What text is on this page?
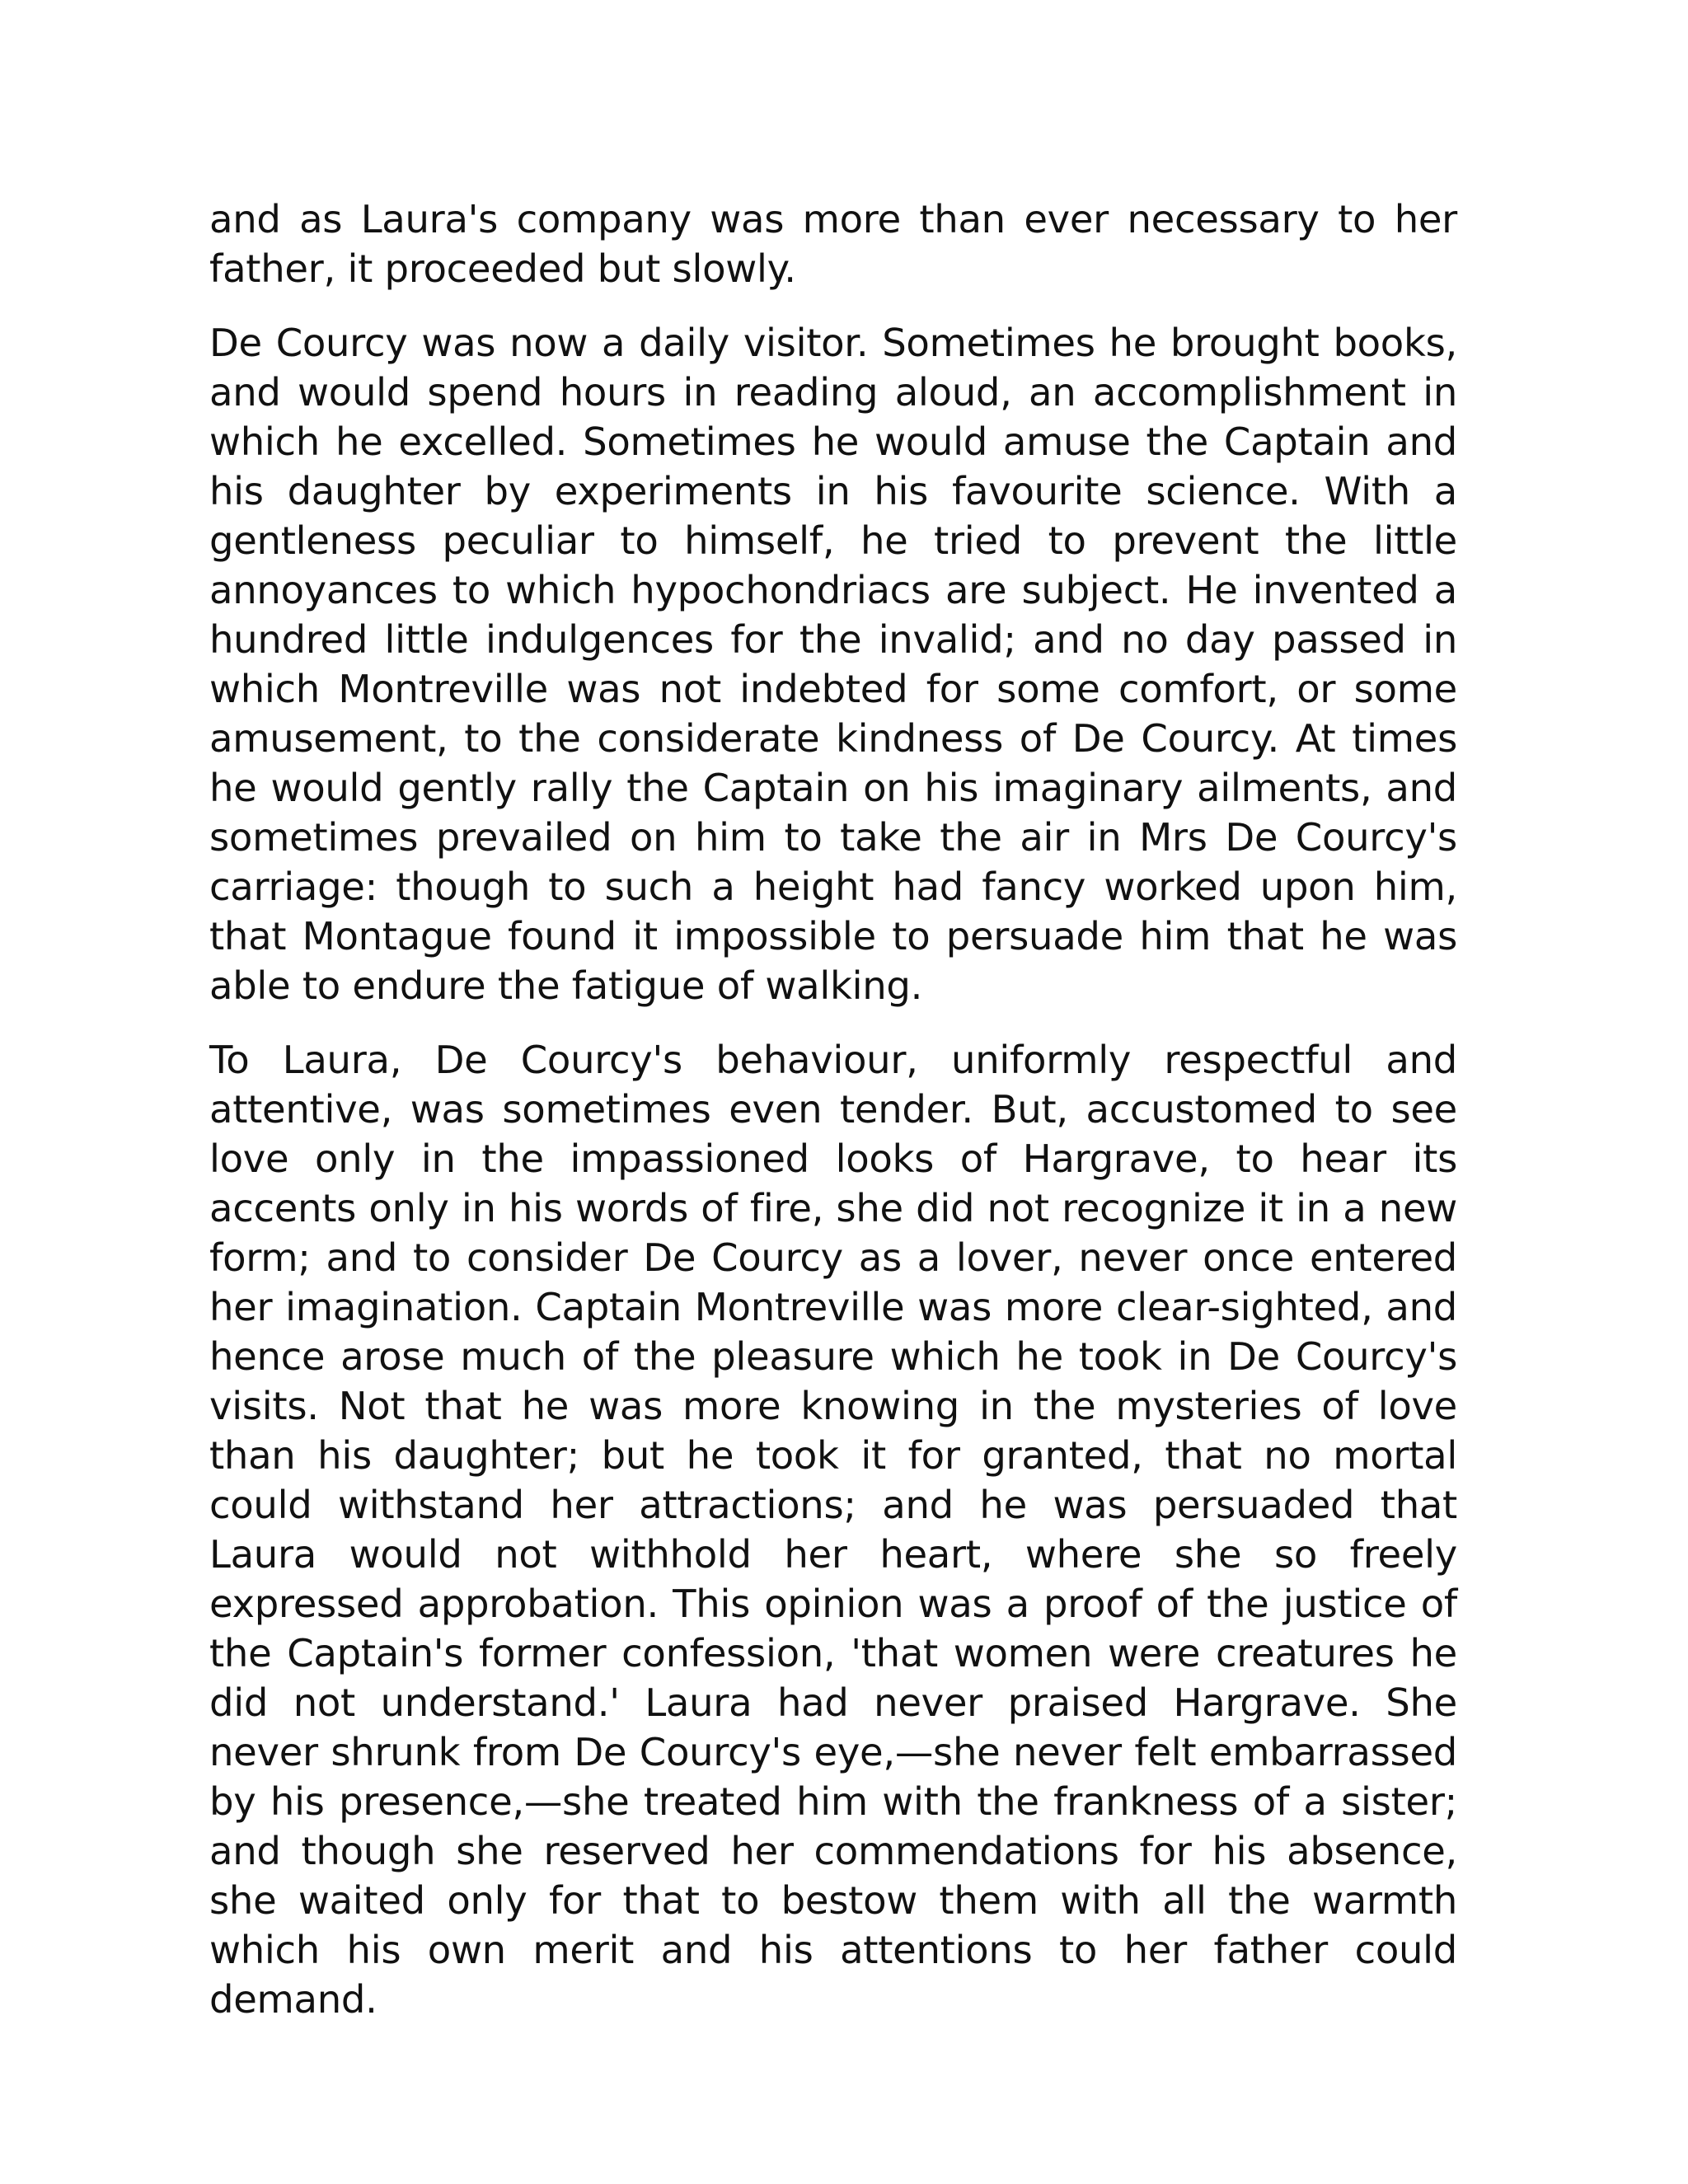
and as Laura's company was more than ever necessary to her father, it proceeded but slowly.

De Courcy was now a daily visitor. Sometimes he brought books, and would spend hours in reading aloud, an accomplishment in which he excelled. Sometimes he would amuse the Captain and his daughter by experiments in his favourite science. With a gentleness peculiar to himself, he tried to prevent the little annoyances to which hypochondriacs are subject. He invented a hundred little indulgences for the invalid; and no day passed in which Montreville was not indebted for some comfort, or some amusement, to the considerate kindness of De Courcy. At times he would gently rally the Captain on his imaginary ailments, and sometimes prevailed on him to take the air in Mrs De Courcy's carriage: though to such a height had fancy worked upon him, that Montague found it impossible to persuade him that he was able to endure the fatigue of walking.

To Laura, De Courcy's behaviour, uniformly respectful and attentive, was sometimes even tender. But, accustomed to see love only in the impassioned looks of Hargrave, to hear its accents only in his words of fire, she did not recognize it in a new form; and to consider De Courcy as a lover, never once entered her imagination. Captain Montreville was more clear-sighted, and hence arose much of the pleasure which he took in De Courcy's visits. Not that he was more knowing in the mysteries of love than his daughter; but he took it for granted, that no mortal could withstand her attractions; and he was persuaded that Laura would not withhold her heart, where she so freely expressed approbation. This opinion was a proof of the justice of the Captain's former confession, 'that women were creatures he did not understand.' Laura had never praised Hargrave. She never shrunk from De Courcy's eye,—she never felt embarrassed by his presence,—she treated him with the frankness of a sister; and though she reserved her commendations for his absence, she waited only for that to bestow them with all the warmth which his own merit and his attentions to her father could demand.
